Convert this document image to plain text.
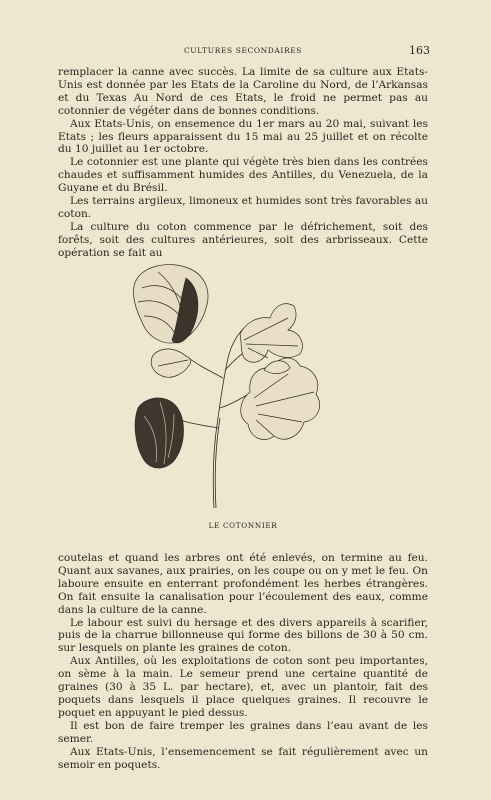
CULTURES SECONDAIRES	163

remplacer la canne avec succès. La limite de sa culture aux Etats-Unis est donnée par les Etats de la Caroline du Nord, de l’Arkansas et du Texas Au Nord de ces Etats, le froid ne permet pas au cotonnier de végéter dans de bonnes conditions.

Aux Etats-Unis, on ensemence du 1er mars au 20 mai, suivant les Etats ; les fleurs apparaissent du 15 mai au 25 juillet et on récolte du 10 juillet au 1er octobre.

Le cotonnier est une plante qui végète très bien dans les contrées chaudes et suffisamment humides des Antilles, du Venezuela, de la Guyane et du Brésil.

Les terrains argileux, limoneux et humides sont très favorables au coton.

La culture du coton commence par le défrichement, soit des forêts, soit des cultures antérieures, soit des arbrisseaux. Cette opération se fait au

LE COTONNIER

coutelas et quand les arbres ont été enlevés, on termine au feu. Quant aux savanes, aux prairies, on les coupe ou on y met le feu. On laboure ensuite en enterrant profondément les herbes étrangères. On fait ensuite la canalisation pour l’écoulement des eaux, comme dans la culture de la canne.

Le labour est suivi du hersage et des divers appareils à scarifier, puis de la charrue billonneuse qui forme des billons de 30 à 50 cm. sur lesquels on plante les graines de coton.

Aux Antilles, où les exploitations de coton sont peu importantes, on sème à la main. Le semeur prend une certaine quantité de graines (30 à 35 L. par hectare), et, avec un plantoir, fait des poquets dans lesquels il place quelques graines. Il recouvre le poquet en appuyant le pied dessus.

Il est bon de faire tremper les graines dans l’eau avant de les semer.

Aux Etats-Unis, l’ensemencement se fait régulièrement avec un semoir en poquets.
